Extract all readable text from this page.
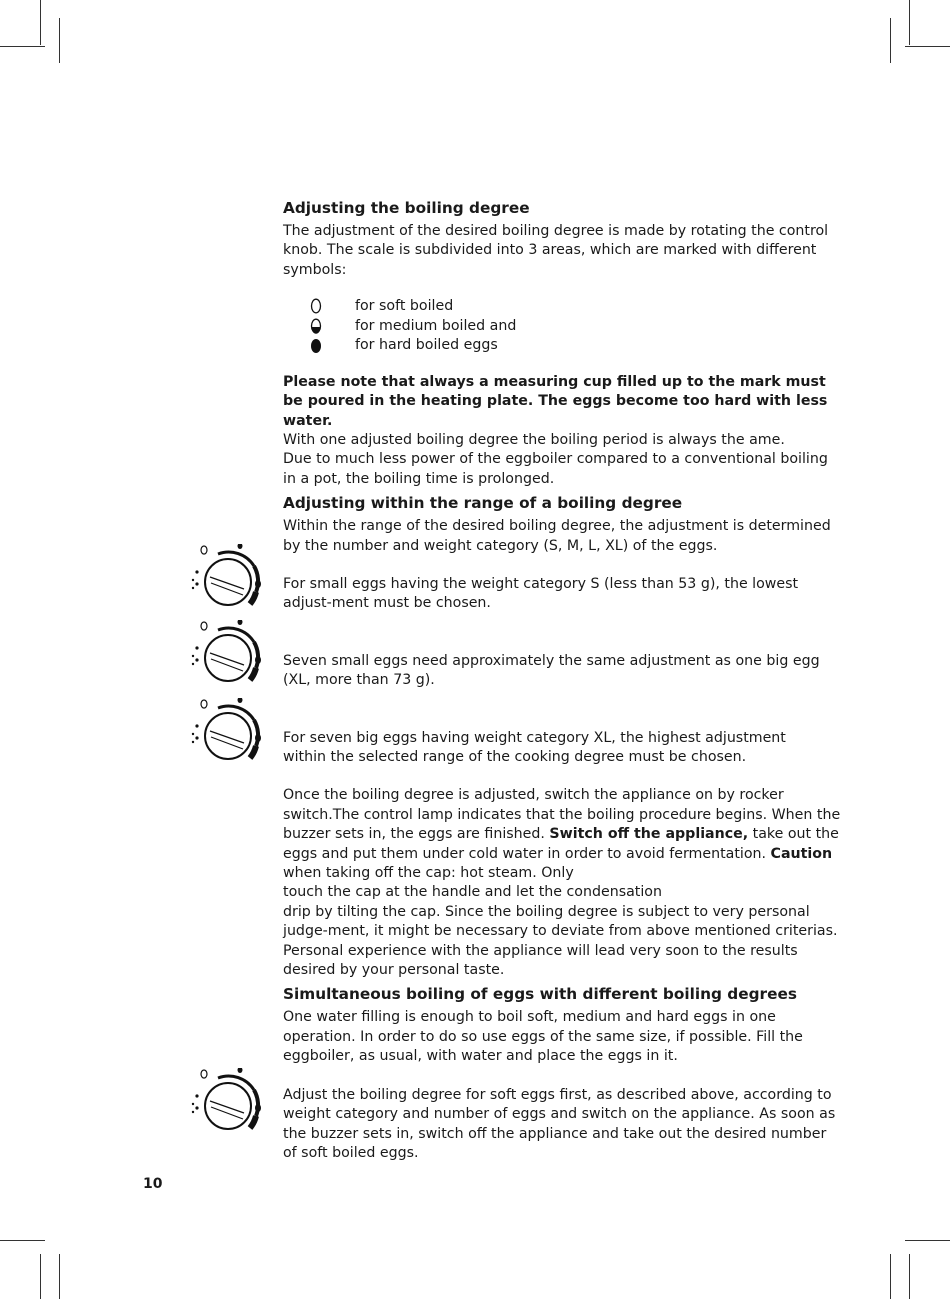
Adjusting the boiling degree

The adjustment of the desired boiling degree is made by rotating the control knob. The scale is subdivided into 3 areas, which are marked with different symbols:

for soft boiled
for medium boiled and
for hard boiled eggs

Please note that always a measuring cup filled up to the mark must be poured in the heating plate. The eggs become too hard with less water.

With one adjusted boiling degree the boiling period is always the ame.

Due to much less power of the eggboiler compared to a conventional boiling in a pot, the boiling time is prolonged.

Adjusting within the range of a boiling degree

Within the range of the desired boiling degree, the adjustment is determined by the number and weight category (S, M, L, XL) of the eggs.

For small eggs having the weight category S (less than 53 g), the lowest adjust-ment must be chosen.

Seven small eggs need approximately the same adjustment as one big egg (XL, more than 73 g).

For seven big eggs having weight category XL, the highest adjustment

within the selected range of the cooking degree must be chosen.

Once the boiling degree is adjusted, switch the appliance on by rocker switch.The control lamp indicates that the boiling procedure begins. When the buzzer sets in, the eggs are finished. Switch off the appliance, take out the eggs and put them under cold water in order to avoid fermentation. Caution when taking off the cap: hot steam. Only

touch the cap at the handle and let the condensation

drip by tilting the cap. Since the boiling degree is subject to very personal judge-ment, it might be necessary to deviate from above mentioned criterias. Personal experience with the appliance will lead very soon to the results desired by your personal taste.

Simultaneous boiling of eggs with different boiling degrees

One water filling is enough to boil soft, medium and hard eggs in one operation. In order to do so use eggs of the same size, if possible. Fill the eggboiler, as usual, with water and place the eggs in it.

Adjust the boiling degree for soft eggs first, as described above, according to weight category and number of eggs and switch on the appliance. As soon as the buzzer sets in, switch off the appliance and take out the desired number of soft boiled eggs.

10
